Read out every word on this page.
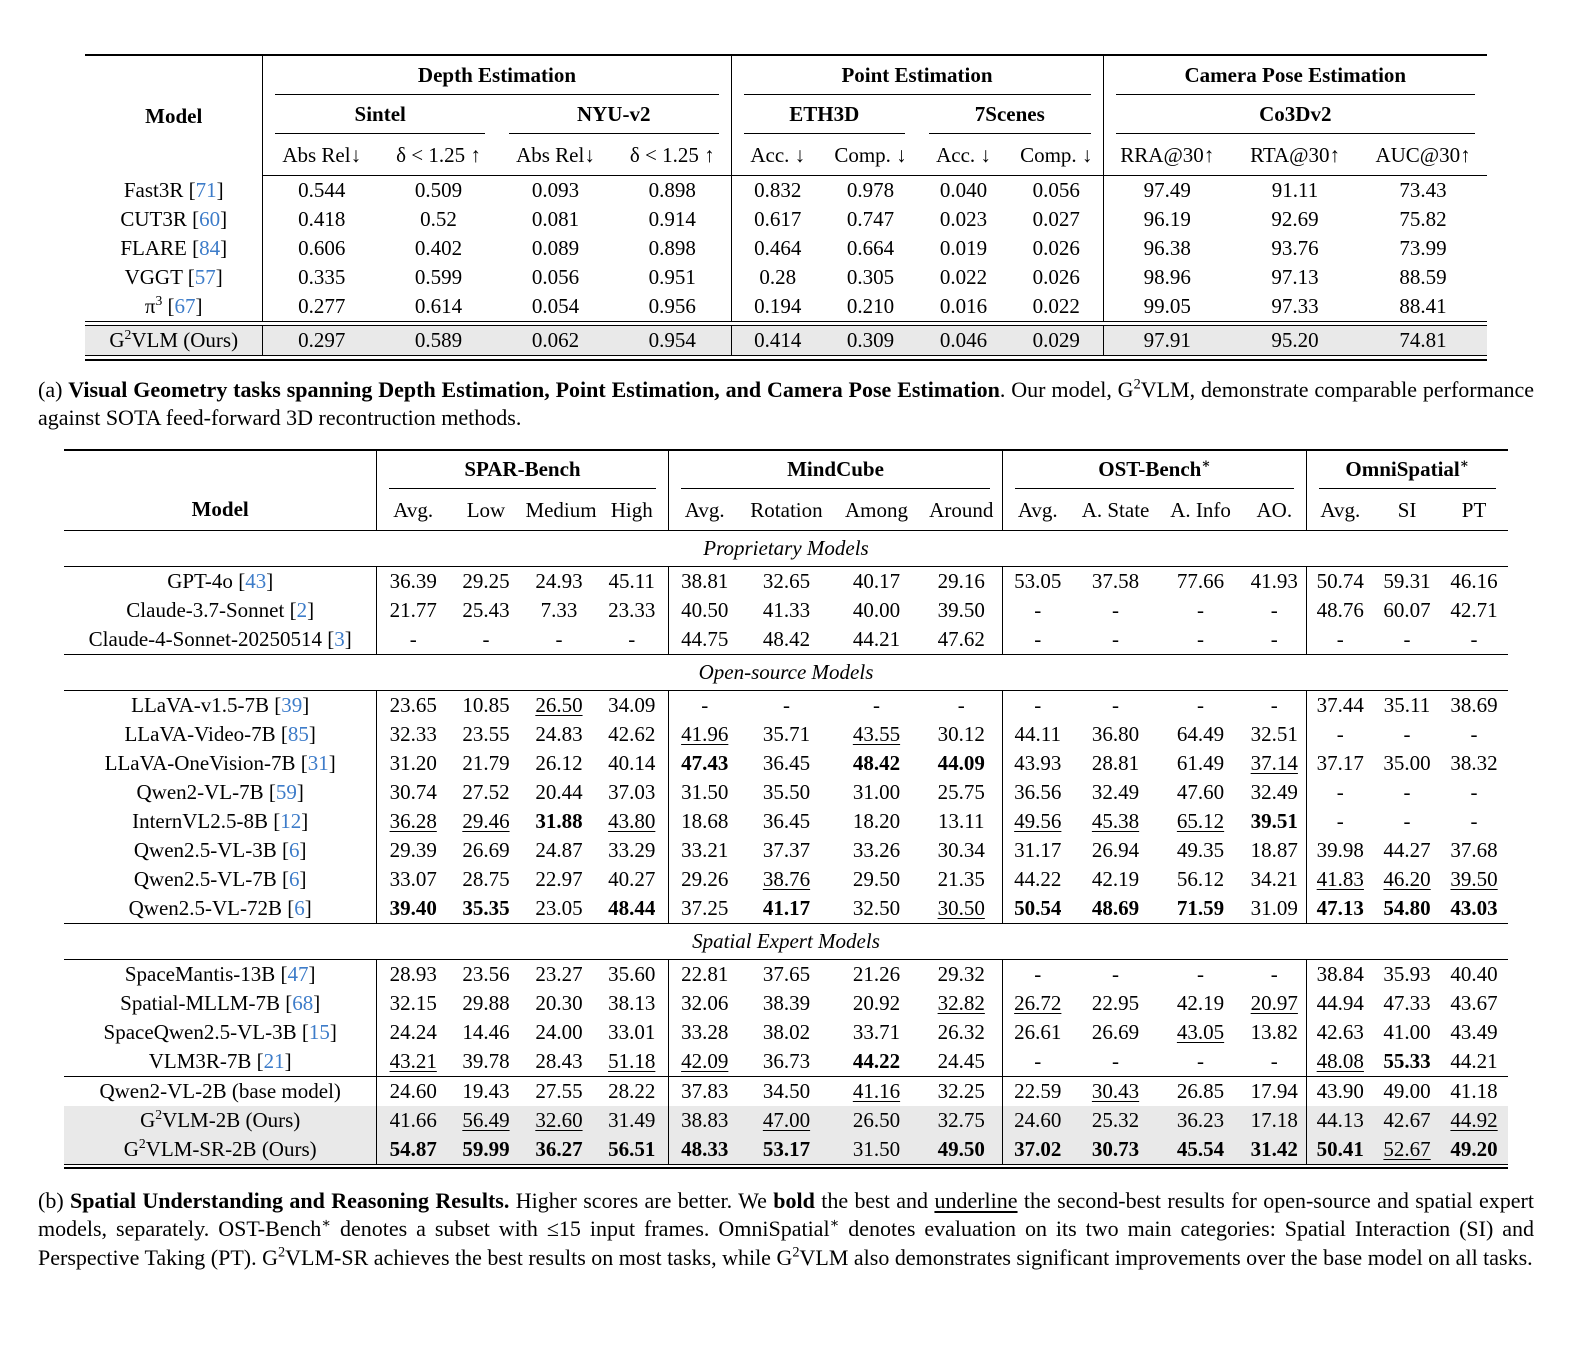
Model	Depth Estimation				Point Estimation				Camera Pose Estimation		

	Sintel		NYU-v2		ETH3D		7Scenes		Co3Dv2		

	Abs Rel↓	δ < 1.25 ↑	Abs Rel↓	δ < 1.25 ↑	Acc. ↓	Comp. ↓	Acc. ↓	Comp. ↓	RRA@30↑	RTA@30↑	AUC@30↑
Fast3R [71]	0.544	0.509	0.093	0.898	0.832	0.978	0.040	0.056	97.49	91.11	73.43
CUT3R [60]	0.418	0.52	0.081	0.914	0.617	0.747	0.023	0.027	96.19	92.69	75.82
FLARE [84]	0.606	0.402	0.089	0.898	0.464	0.664	0.019	0.026	96.38	93.76	73.99
VGGT [57]	0.335	0.599	0.056	0.951	0.28	0.305	0.022	0.026	98.96	97.13	88.59
$\pi^3$ [67]	0.277	0.614	0.054	0.956	0.194	0.210	0.016	0.022	99.05	97.33	88.41

$G^2VLM$ (Ours)	0.297	0.589	0.062	0.954	0.414	0.309	0.046	0.029	97.91	95.20	74.81

(a) Visual Geometry tasks spanning Depth Estimation, Point Estimation, and Camera Pose Estimation. Our model, $G^2VLM$, demonstrate comparable performance against SOTA feed-forward 3D recontruction methods.

Model	SPAR-Bench				MindCube				OST-Bench∗				OmniSpatial∗

	Avg.	Low	Medium	High	Avg.	Rotation	Among	Around	Avg.	A. State	A. Info	AO.	Avg.	SI	PT
Proprietary Models															
GPT-4o [43]	36.39	29.25	24.93	45.11	38.81	32.65	40.17	29.16	53.05	37.58	77.66	41.93	50.74	59.31	46.16
Claude-3.7-Sonnet [2]	21.77	25.43	7.33	23.33	40.50	41.33	40.00	39.50	-	-	-	-	48.76	60.07	42.71
Claude-4-Sonnet-20250514 [3]	-	-	-	-	44.75	48.42	44.21	47.62	-	-	-	-	-	-	-
Open-source Models															
LLaVA-v1.5-7B [39]	23.65	10.85	26.50	34.09	-	-	-	-	-	-	-	-	37.44	35.11	38.69
LLaVA-Video-7B [85]	32.33	23.55	24.83	42.62	41.96	35.71	43.55	30.12	44.11	36.80	64.49	32.51	-	-	-
LLaVA-OneVision-7B [31]	31.20	21.79	26.12	40.14	47.43	36.45	48.42	44.09	43.93	28.81	61.49	37.14	37.17	35.00	38.32
Qwen2-VL-7B [59]	30.74	27.52	20.44	37.03	31.50	35.50	31.00	25.75	36.56	32.49	47.60	32.49	-	-	-
InternVL2.5-8B [12]	36.28	29.46	31.88	43.80	18.68	36.45	18.20	13.11	49.56	45.38	65.12	39.51	-	-	-
Qwen2.5-VL-3B [6]	29.39	26.69	24.87	33.29	33.21	37.37	33.26	30.34	31.17	26.94	49.35	18.87	39.98	44.27	37.68
Qwen2.5-VL-7B [6]	33.07	28.75	22.97	40.27	29.26	38.76	29.50	21.35	44.22	42.19	56.12	34.21	41.83	46.20	39.50
Qwen2.5-VL-72B [6]	39.40	35.35	23.05	48.44	37.25	41.17	32.50	30.50	50.54	48.69	71.59	31.09	47.13	54.80	43.03
Spatial Expert Models															
SpaceMantis-13B [47]	28.93	23.56	23.27	35.60	22.81	37.65	21.26	29.32	-	-	-	-	38.84	35.93	40.40
Spatial-MLLM-7B [68]	32.15	29.88	20.30	38.13	32.06	38.39	20.92	32.82	26.72	22.95	42.19	20.97	44.94	47.33	43.67
SpaceQwen2.5-VL-3B [15]	24.24	14.46	24.00	33.01	33.28	38.02	33.71	26.32	26.61	26.69	43.05	13.82	42.63	41.00	43.49
VLM3R-7B [21]	43.21	39.78	28.43	51.18	42.09	36.73	44.22	24.45	-	-	-	-	48.08	55.33	44.21
Qwen2-VL-2B (base model)	24.60	19.43	27.55	28.22	37.83	34.50	41.16	32.25	22.59	30.43	26.85	17.94	43.90	49.00	41.18
$G^2VLM-2B$ (Ours)	41.66	56.49	32.60	31.49	38.83	47.00	26.50	32.75	24.60	25.32	36.23	17.18	44.13	42.67	44.92
$G^2VLM-SR-2B$ (Ours)	54.87	59.99	36.27	56.51	48.33	53.17	31.50	49.50	37.02	30.73	45.54	31.42	50.41	52.67	49.20

(b) Spatial Understanding and Reasoning Results. Higher scores are better. We bold the best and underline the second-best results for open-source and spatial expert models, separately. OST-Bench∗ denotes a subset with ≤15 input frames. OmniSpatial∗ denotes evaluation on its two main categories: Spatial Interaction (SI) and Perspective Taking (PT). $G^2VLM-SR$ achieves the best results on most tasks, while $G^2VLM$ also demonstrates significant improvements over the base model on all tasks.
